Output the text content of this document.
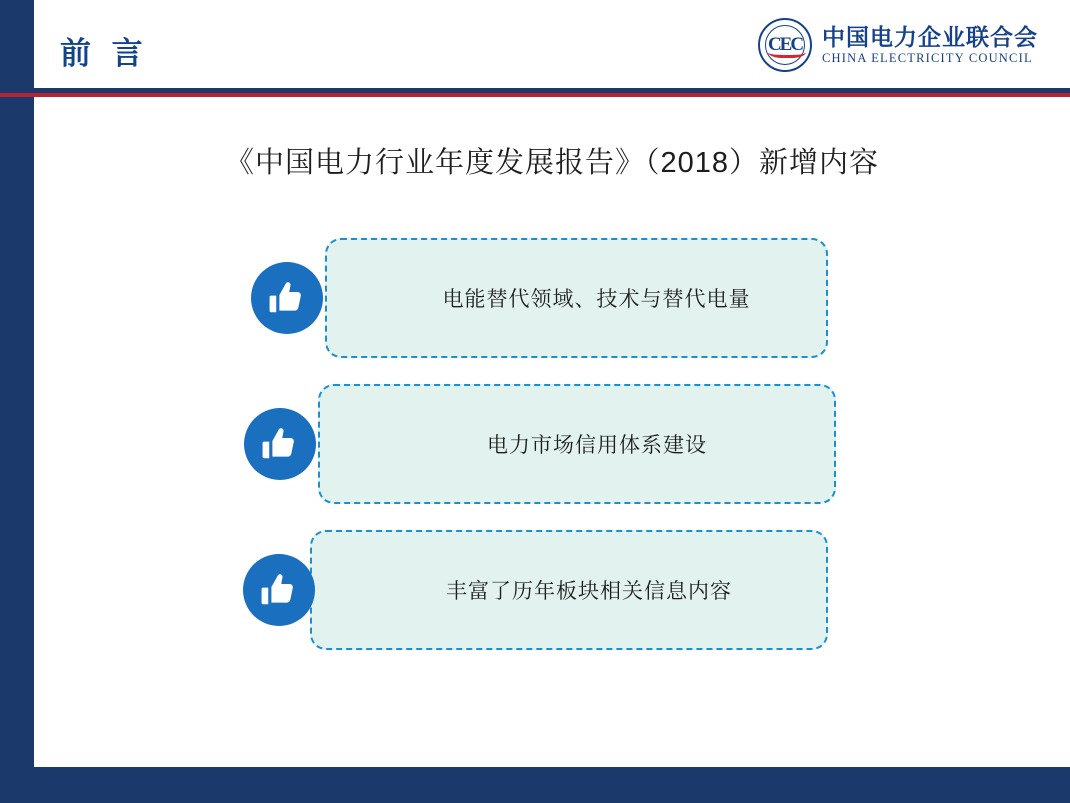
前 言	CEC 中国电力企业联合会
CHINA ELECTRICITY COUNCIL
《中国电力行业年度发展报告》（2018）新增内容
电能替代领域、技术与替代电量
电力市场信用体系建设
丰富了历年板块相关信息内容
